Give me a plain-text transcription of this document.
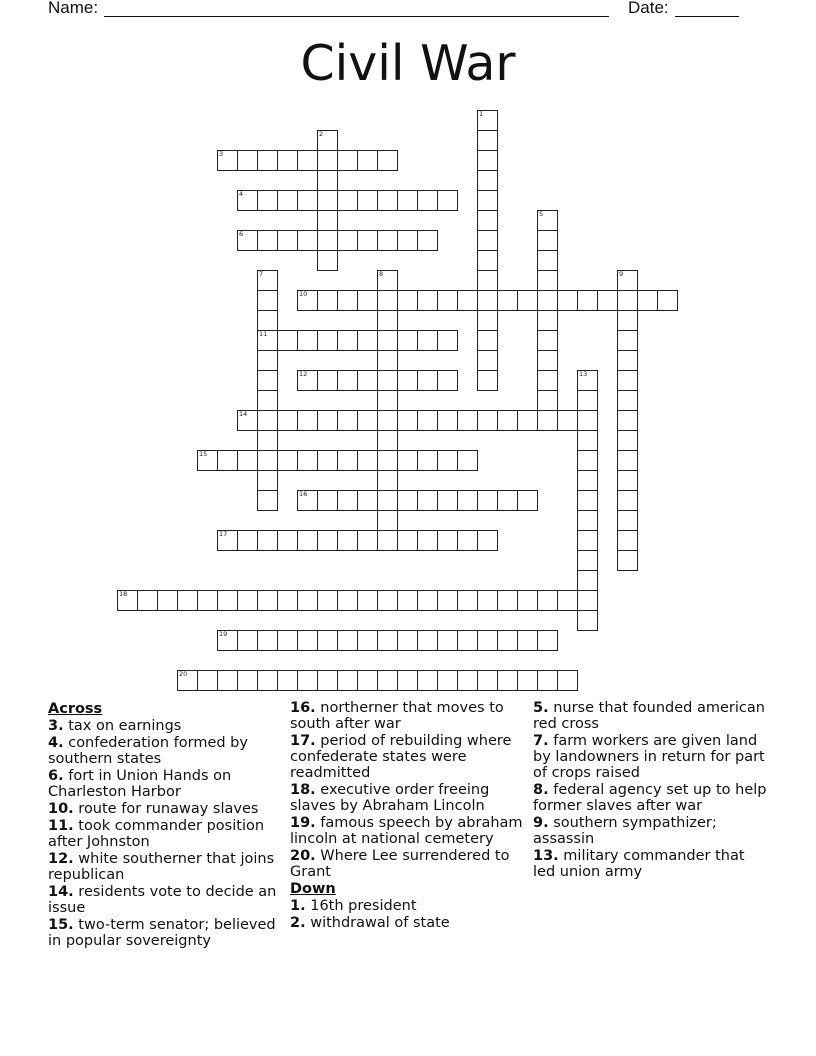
Name:	Date:
Civil War
1
2
3
4
5
6
7	8	9
10
11
12	13
14
15
16
17
18
19
20
Across
3. tax on earnings
4. confederation formed by southern states
6. fort in Union Hands on Charleston Harbor
10. route for runaway slaves
11. took commander position after Johnston
12. white southerner that joins republican
14. residents vote to decide an issue
15. two-term senator; believed in popular sovereignty
16. northerner that moves to south after war
17. period of rebuilding where confederate states were readmitted
18. executive order freeing slaves by Abraham Lincoln
19. famous speech by abraham lincoln at national cemetery
20. Where Lee surrendered to Grant
Down
1. 16th president
2. withdrawal of state
5. nurse that founded american red cross
7. farm workers are given land by landowners in return for part of crops raised
8. federal agency set up to help former slaves after war
9. southern sympathizer; assassin
13. military commander that led union army
